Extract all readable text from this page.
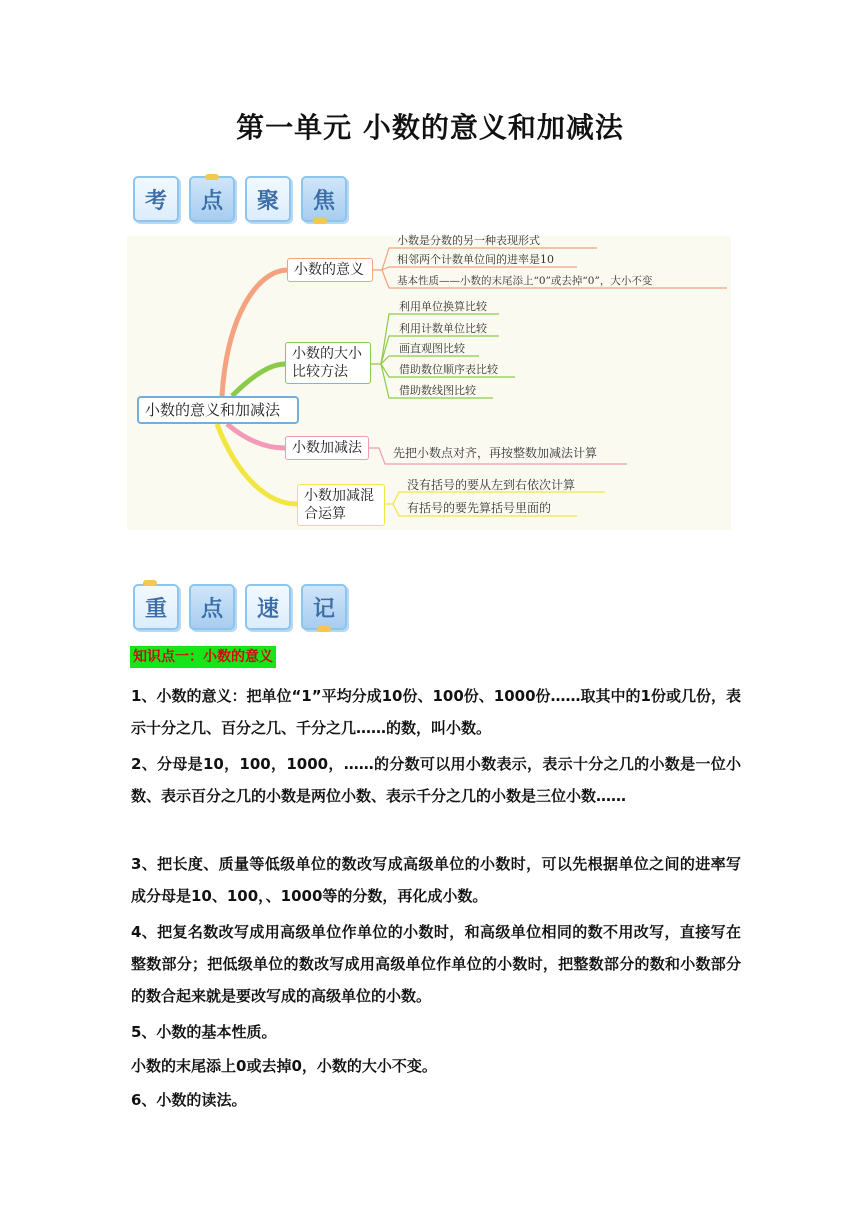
第一单元 小数的意义和加减法
考 点 聚 焦
小数的意义和加减法
小数的意义
小数的大小
比较方法
小数加减法
小数加减混
合运算
小数是分数的另一种表现形式
相邻两个计数单位间的进率是10
基本性质——小数的末尾添上“0”或去掉“0”，大小不变
利用单位换算比较
利用计数单位比较
画直观图比较
借助数位顺序表比较
借助数线图比较
先把小数点对齐，再按整数加减法计算
没有括号的要从左到右依次计算
有括号的要先算括号里面的
重 点 速 记
知识点一：小数的意义

1、小数的意义：把单位“1”平均分成10份、100份、1000份……取其中的1份或几份，表示十分之几、百分之几、千分之几……的数，叫小数。

2、分母是10，100，1000，……的分数可以用小数表示，表示十分之几的小数是一位小数、表示百分之几的小数是两位小数、表示千分之几的小数是三位小数……

3、把长度、质量等低级单位的数改写成高级单位的小数时，可以先根据单位之间的进率写成分母是10、100，、1000等的分数，再化成小数。

4、把复名数改写成用高级单位作单位的小数时，和高级单位相同的数不用改写，直接写在整数部分；把低级单位的数改写成用高级单位作单位的小数时，把整数部分的数和小数部分的数合起来就是要改写成的高级单位的小数。

5、小数的基本性质。

小数的末尾添上0或去掉0，小数的大小不变。

6、小数的读法。
